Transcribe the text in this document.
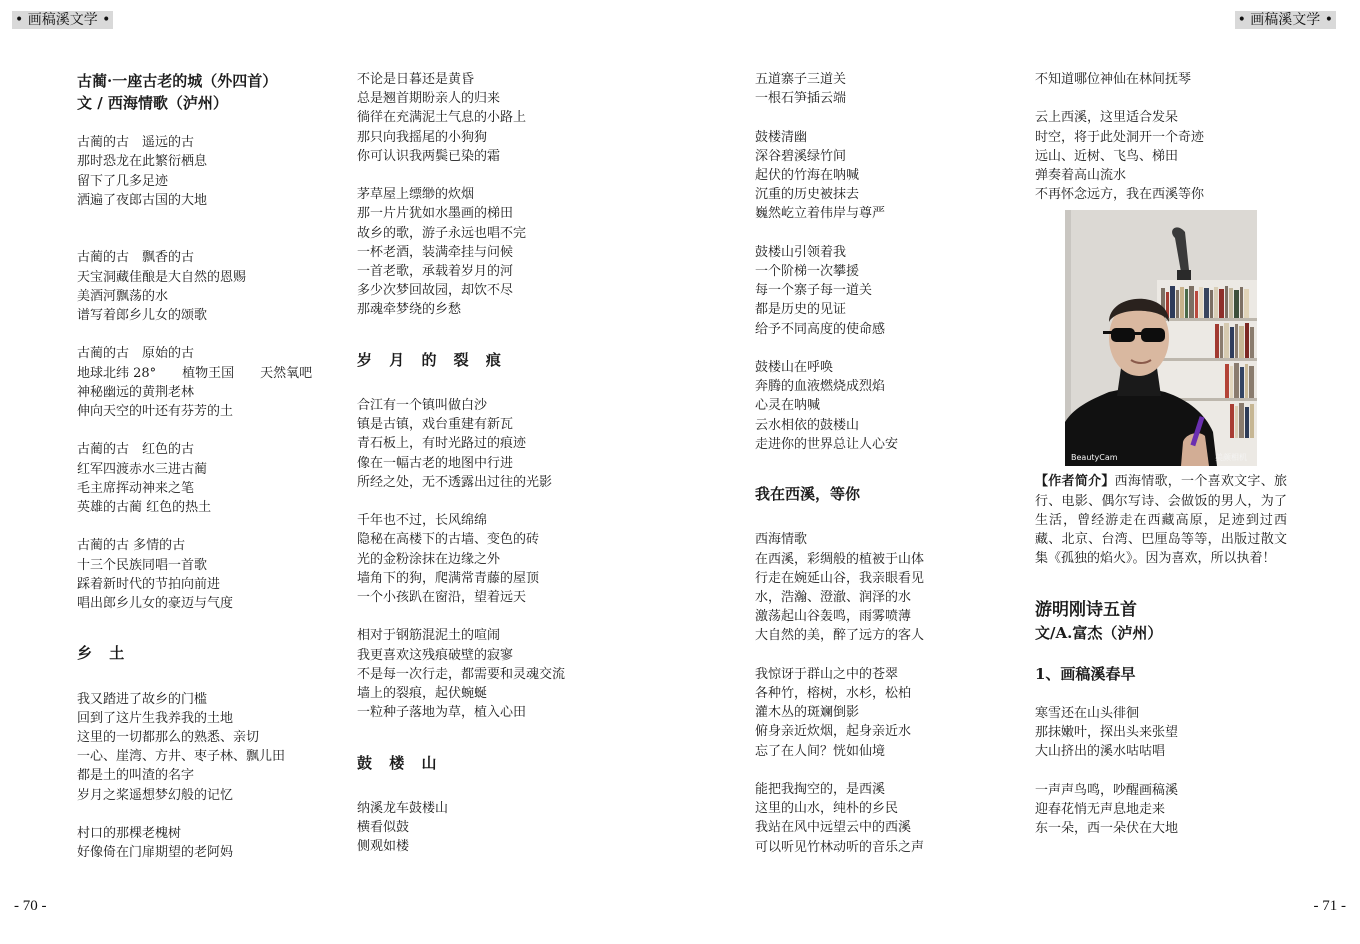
• 画稿溪文学 •	• 画稿溪文学 •
古蔺·一座古老的城（外四首）
文 / 西海情歌（泸州）
古蔺的古　遥远的古
那时恐龙在此繁衍栖息
留下了几多足迹
洒遍了夜郎古国的大地
古蔺的古　飘香的古
天宝洞藏佳酿是大自然的恩赐
美酒河飘荡的水
谱写着郎乡儿女的颂歌
古蔺的古　原始的古
地球北纬 28°　　植物王国　　天然氧吧
神秘幽远的黄荆老林
伸向天空的叶还有芬芳的土
古蔺的古　红色的古
红军四渡赤水三进古蔺
毛主席挥动神来之笔
英雄的古蔺 红色的热土
古蔺的古 多情的古
十三个民族同唱一首歌
踩着新时代的节拍向前进
唱出郎乡儿女的豪迈与气度
乡 土
我又踏进了故乡的门槛
回到了这片生我养我的土地
这里的一切都那么的熟悉、亲切
一心、崖湾、方井、枣子林、飘儿田
都是土的叫渣的名字
岁月之桨遥想梦幻般的记忆
村口的那棵老槐树
好像倚在门扉期望的老阿妈
不论是日暮还是黄昏
总是翘首期盼亲人的归来
徜徉在充满泥土气息的小路上
那只向我摇尾的小狗狗
你可认识我两鬓已染的霜
茅草屋上缥缈的炊烟
那一片片犹如水墨画的梯田
故乡的歌，游子永远也唱不完
一杯老酒，装满牵挂与问候
一首老歌，承载着岁月的河
多少次梦回故园，却饮不尽
那魂牵梦绕的乡愁
岁 月 的 裂 痕
合江有一个镇叫做白沙
镇是古镇，戏台重建有新瓦
青石板上，有时光路过的痕迹
像在一幅古老的地图中行进
所经之处，无不透露出过往的光影
千年也不过，长风绵绵
隐秘在高楼下的古墙、变色的砖
光的金粉涂抹在边缘之外
墙角下的狗，爬满常青藤的屋顶
一个小孩趴在窗沿，望着远天
相对于钢筋混泥土的喧闹
我更喜欢这残痕破壁的寂寥
不是每一次行走，都需要和灵魂交流
墙上的裂痕，起伏蜿蜒
一粒种子落地为草，植入心田
鼓 楼 山
纳溪龙车鼓楼山
横看似鼓
侧观如楼
五道寨子三道关
一根石笋插云端
鼓楼清幽
深谷碧溪绿竹间
起伏的竹海在呐喊
沉重的历史被抹去
巍然屹立着伟岸与尊严
鼓楼山引领着我
一个阶梯一次攀援
每一个寨子每一道关
都是历史的见证
给予不同高度的使命感
鼓楼山在呼唤
奔腾的血液燃烧成烈焰
心灵在呐喊
云水相依的鼓楼山
走进你的世界总让人心安
我在西溪，等你
西海情歌
在西溪，彩绸般的植被于山体
行走在婉延山谷，我亲眼看见
水，浩瀚、澄澈、润泽的水
激荡起山谷轰鸣，雨雾喷薄
大自然的美，醉了远方的客人
我惊讶于群山之中的苍翠
各种竹，榕树，水杉，松柏
灌木丛的斑斓倒影
俯身亲近炊烟，起身亲近水
忘了在人间？恍如仙境
能把我掏空的，是西溪
这里的山水，纯朴的乡民
我站在风中远望云中的西溪
可以听见竹林动听的音乐之声
不知道哪位神仙在林间抚琴
云上西溪，这里适合发呆
时空，将于此处洞开一个奇迹
远山、近树、飞鸟、梯田
弹奏着高山流水
不再怀念远方，我在西溪等你
BeautyCam	美颜相机
【作者简介】西海情歌，一个喜欢文字、旅行、电影、偶尔写诗、会做饭的男人，为了生活，曾经游走在西藏高原，足迹到过西藏、北京、台湾、巴厘岛等等，出版过散文集《孤独的焰火》。因为喜欢，所以执着！
游明刚诗五首
文/A.富杰（泸州）
1、画稿溪春早
寒雪还在山头徘徊
那抹嫩叶，探出头来张望
大山挤出的溪水咕咕唱
一声声鸟鸣，吵醒画稿溪
迎春花悄无声息地走来
东一朵，西一朵伏在大地
- 70 -	- 71 -
